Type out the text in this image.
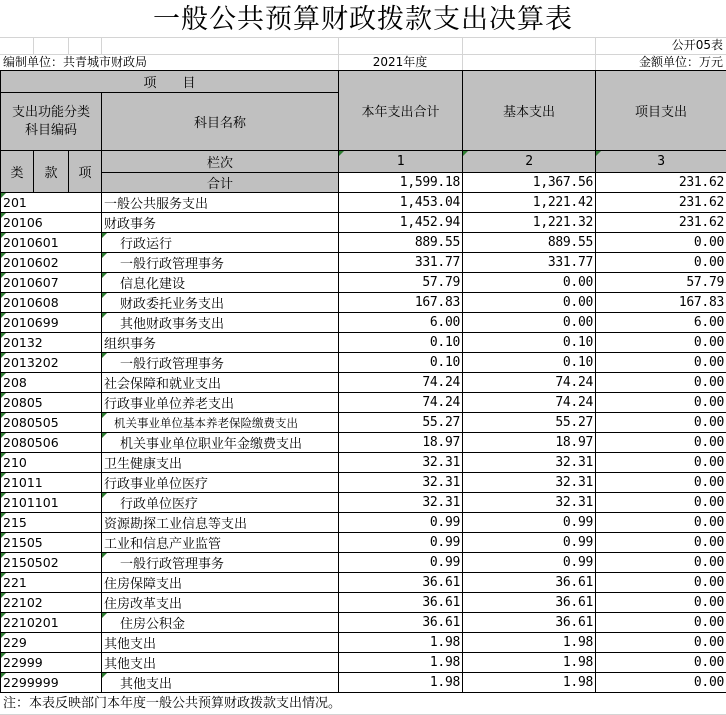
一般公共预算财政拨款支出决算表
公开05表
编制单位：共青城市财政局	2021年度	金额单位：万元
项　　目				本年支出合计	基本支出	项目支出

支出功能分类
科目编码			科目名称			
类	款	项	栏次	1	2	3
			合计	1,599.18	1,367.56	231.62
201			一般公共服务支出	1,453.04	1,221.42	231.62
20106			财政事务	1,452.94	1,221.32	231.62
2010601			行政运行	889.55	889.55	0.00
2010602			一般行政管理事务	331.77	331.77	0.00
2010607			信息化建设	57.79	0.00	57.79
2010608			财政委托业务支出	167.83	0.00	167.83
2010699			其他财政事务支出	6.00	0.00	6.00
20132			组织事务	0.10	0.10	0.00
2013202			一般行政管理事务	0.10	0.10	0.00
208			社会保障和就业支出	74.24	74.24	0.00
20805			行政事业单位养老支出	74.24	74.24	0.00
2080505			机关事业单位基本养老保险缴费支出	55.27	55.27	0.00
2080506			机关事业单位职业年金缴费支出	18.97	18.97	0.00
210			卫生健康支出	32.31	32.31	0.00
21011			行政事业单位医疗	32.31	32.31	0.00
2101101			行政单位医疗	32.31	32.31	0.00
215			资源勘探工业信息等支出	0.99	0.99	0.00
21505			工业和信息产业监管	0.99	0.99	0.00
2150502			一般行政管理事务	0.99	0.99	0.00
221			住房保障支出	36.61	36.61	0.00
22102			住房改革支出	36.61	36.61	0.00
2210201			住房公积金	36.61	36.61	0.00
229			其他支出	1.98	1.98	0.00
22999			其他支出	1.98	1.98	0.00
2299999			其他支出	1.98	1.98	0.00
注：本表反映部门本年度一般公共预算财政拨款支出情况。
